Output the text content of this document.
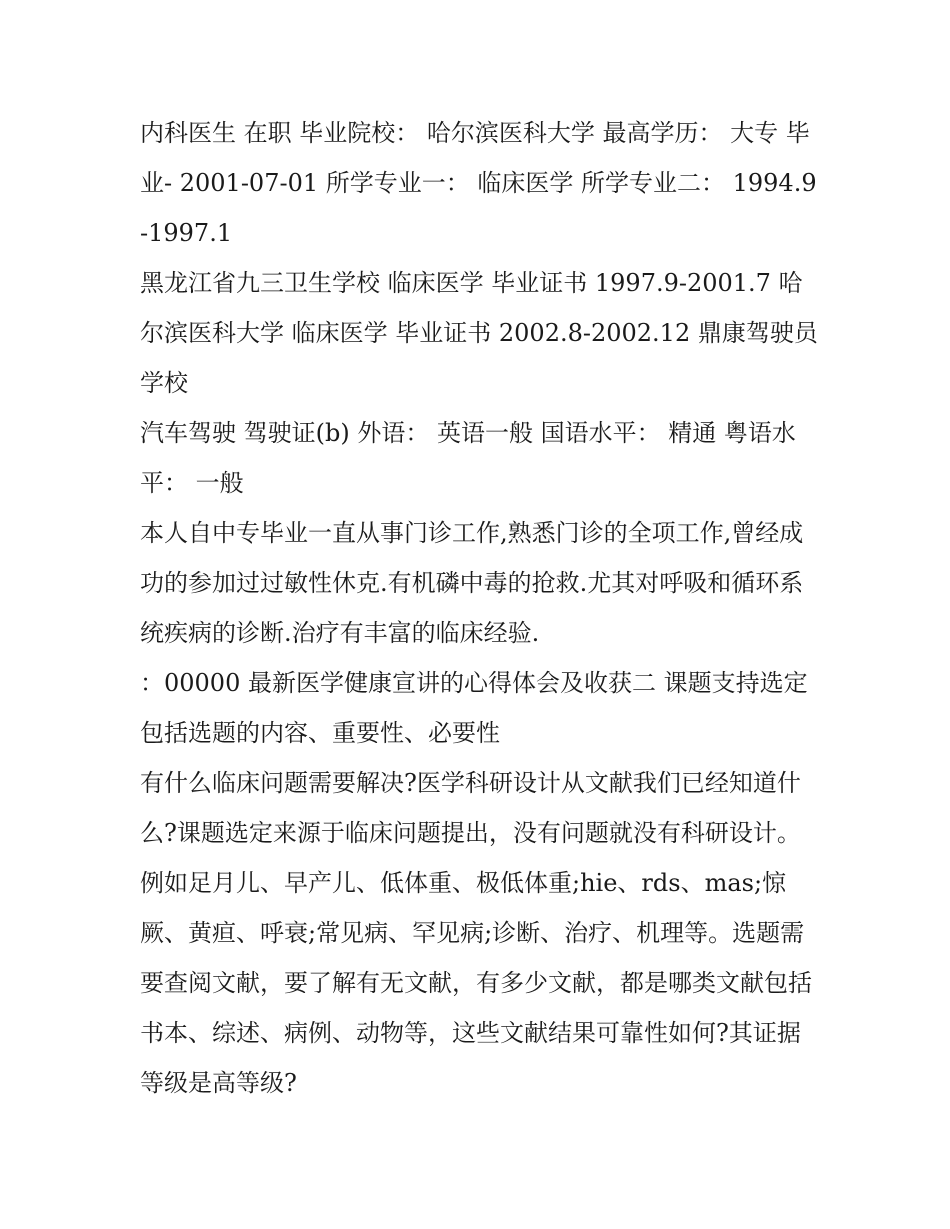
内科医生 在职 毕业院校： 哈尔滨医科大学 最高学历： 大专 毕业- 2001-07-01 所学专业一： 临床医学 所学专业二： 1994.9-1997.1

黑龙江省九三卫生学校 临床医学 毕业证书 1997.9-2001.7 哈尔滨医科大学 临床医学 毕业证书 2002.8-2002.12 鼎康驾驶员学校

汽车驾驶 驾驶证(b) 外语： 英语一般 国语水平： 精通 粤语水平： 一般

本人自中专毕业一直从事门诊工作,熟悉门诊的全项工作,曾经成功的参加过过敏性休克.有机磷中毒的抢救.尤其对呼吸和循环系统疾病的诊断.治疗有丰富的临床经验.

：00000 最新医学健康宣讲的心得体会及收获二 课题支持选定包括选题的内容、重要性、必要性

有什么临床问题需要解决?医学科研设计从文献我们已经知道什么?课题选定来源于临床问题提出，没有问题就没有科研设计。例如足月儿、早产儿、低体重、极低体重;hie、rds、mas;惊厥、黄疸、呼衰;常见病、罕见病;诊断、治疗、机理等。选题需要查阅文献，要了解有无文献，有多少文献，都是哪类文献包括书本、综述、病例、动物等，这些文献结果可靠性如何?其证据等级是高等级?
